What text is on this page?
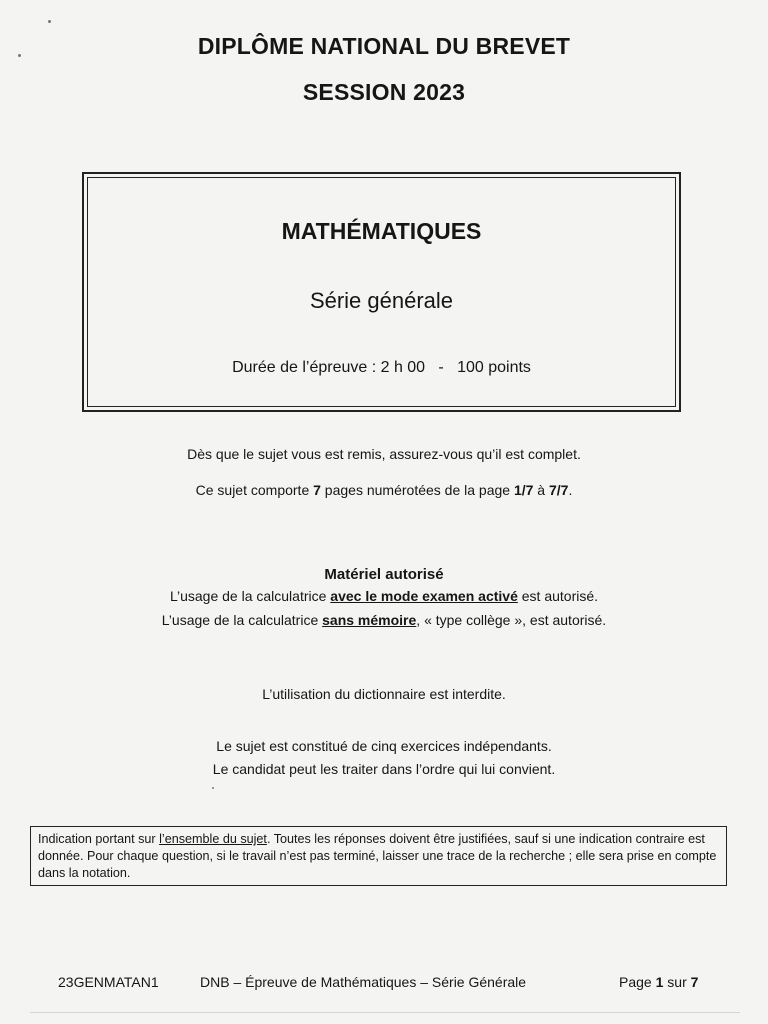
DIPLÔME NATIONAL DU BREVET
SESSION 2023
MATHÉMATIQUES
Série générale
Durée de l’épreuve : 2 h 00 - 100 points
Dès que le sujet vous est remis, assurez-vous qu’il est complet.
Ce sujet comporte 7 pages numérotées de la page 1/7 à 7/7.
Matériel autorisé
L’usage de la calculatrice avec le mode examen activé est autorisé.
L’usage de la calculatrice sans mémoire, « type collège », est autorisé.
L’utilisation du dictionnaire est interdite.
Le sujet est constitué de cinq exercices indépendants.
Le candidat peut les traiter dans l’ordre qui lui convient.
Indication portant sur l’ensemble du sujet. Toutes les réponses doivent être justifiées, sauf si une indication contraire est donnée. Pour chaque question, si le travail n’est pas terminé, laisser une trace de la recherche ; elle sera prise en compte dans la notation.
23GENMATAN1	DNB – Épreuve de Mathématiques – Série Générale	Page 1 sur 7
